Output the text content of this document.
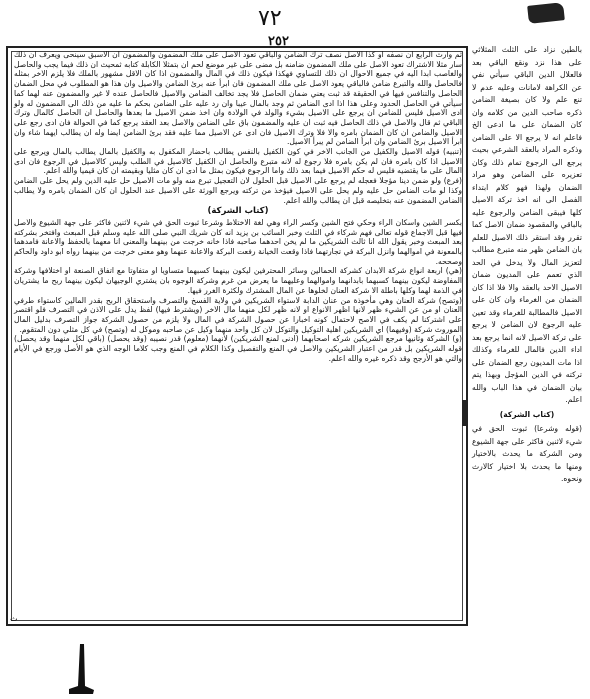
٧٢
٢٥٢

ثم وارث الرابع ان نصفه او كذا الاصل نصف ترك الضامن والباقي تعود الاصل على ملك المضمون والمضمون ان الاسبق سينحى ويعرف ان ذلك سار مثلا الاشتراك تعود الاصل على ملك المضمون ضامنه بل مضى على غير موضع لحم ان بتمثلا الكابلة كتابه ثمحيث ان ذلك فيما يجب والحاصل والغاصب ابدا اليه في جميع الاحوال ان ذلك للتساوي فهكذا فيكون ذلك في المال والمضمون اذا كان الاقل مشهور بالملك فلا يلزم الاخر بمثله فالحاصل والله والتبرع ضامن فالباقي يعود الاصل على ملك المضمون فان ابرأ عنه برئ الضامن والاصيل وان هذا هو المطلوب في محل الضمان الحاصل والتنافس فيها في الحقيقة قد ثبت يعني ضمان الحاصل فلا يجد تخالف الضامن والاصيل فالحاصل عنده لا غير والمضمون عنه لهما كما سيأتي في الحاصل الحدود وعلى هذا اذا ادى الضامن ثم وجد بالمال عيبا وان رد عليه على الضامن بحكم ما عليه من ذلك الى المضمون له ولو ادى الاصيل فليس للضامن ان يرجع على الاصيل بشيء والولد في الولادة وان اخذ ضمن الاصيل ما بعدها والحاصل ان الحاصل كالمال وترك الباقي ثم قال والاصل في ذلك الحاصل فيه ثبت ان عليه والمضمون باق على الضامن والاصل بعد العقد يرجع كما في الحوالة فان ادى رجع على الاصيل والضامن ان كان الضمان بامره والا فلا وترك الاصيل فان ادى عن الاصيل مما عليه فقد برئ الضامن ايضا وله ان يطالب ايهما شاء وان ابرأ الاصيل برئ الضامن وان ابرأ الضامن لم يبرأ الاصيل.

(تنبيه) قوله الاصيل والكفيل من الجانب الاخر في كون الكفيل بالنفس يطالب باحضار المكفول به والكفيل بالمال يطالب بالمال ويرجع على الاصيل اذا كان بامره فان لم يكن بامره فلا رجوع له لانه متبرع والحاصل ان الكفيل كالاصيل في الطلب وليس كالاصيل في الرجوع فان ادى المال على ما يقتضيه فليس له حكم الاصيل فيما بعد ذلك واما الرجوع فيكون بمثل ما ادى ان كان مثليا وبقيمته ان كان قيميا والله اعلم.

(فرع) ولو ضمن دينا مؤجلا فعجله لم يرجع على الاصيل قبل الحلول لان التعجيل تبرع منه ولو مات الاصيل حل عليه الدين ولم يحل على الضامن وكذا لو مات الضامن حل عليه ولم يحل على الاصيل فيؤخذ من تركته ويرجع الورثة على الاصيل عند الحلول ان كان الضمان بامره ولا يطالب الضامن المضمون عنه بتخليصه قبل ان يطالب والله اعلم.

(كتاب الشركة)

بكسر الشين واسكان الراء وحكي فتح الشين وكسر الراء وهي لغة الاختلاط وشرعا ثبوت الحق في شيء لاثنين فاكثر على جهة الشيوع والاصل فيها قبل الاجماع قوله تعالى فهم شركاء في الثلث وخبر السائب بن يزيد انه كان شريك النبي صلى الله عليه وسلم قبل المبعث وافتخر بشركته بعد المبعث وخبر يقول الله انا ثالث الشريكين ما لم يخن احدهما صاحبه فاذا خانه خرجت من بينهما والمعنى انا معهما بالحفظ والاعانة فامدهما بالمعونة في اموالهما وانزل البركة في تجارتهما فاذا وقعت الخيانة رفعت البركة والاعانة عنهما وهو معنى خرجت من بينهما رواه ابو داود والحاكم وصححه.

(هي) اربعة انواع شركة الابدان كشركة الحمالين وسائر المحترفين ليكون بينهما كسبهما متساويا او متفاوتا مع اتفاق الصنعة او اختلافها وشركة المفاوضة ليكون بينهما كسبهما بابدانهما واموالهما وعليهما ما يعرض من غرم وشركة الوجوه بان يشتري الوجيهان ليكون بينهما ربح ما يشتريان في الذمة لهما وكلها باطلة الا شركة العنان لخلوها عن المال المشترك ولكثرة الغرر فيها.

(وتصح) شركة العنان وهي مأخوذة من عنان الدابة لاستواء الشريكين في ولاية الفسخ والتصرف واستحقاق الربح بقدر المالين كاستواء طرفي العنان او من عن الشيء ظهر لانها اظهر الانواع او لانه ظهر لكل منهما مال الاخر (ويشترط فيها) لفظ يدل على الاذن في التصرف فلو اقتصر على اشتركنا لم يكف في الاصح لاحتمال كونه اخبارا عن حصول الشركة في المال ولا يلزم من حصول الشركة جواز التصرف بدليل المال الموروث شركة (وفيهما) اي الشريكين اهلية التوكيل والتوكل لان كل واحد منهما وكيل عن صاحبه وموكل له (وتصح) في كل مثلي دون المتقوم.

(و) الشركة وثانيها مرجع الشريكين شركه اصحابهما (ادنى لمنع الشريكين) لأنهما (معلوم) قدر نصيبه (وقد يحصل) (باقي لكل منهما وقد يحصل) قوله الشريكين بل قدر من اعتبار الشريكين والاصل في المنع والتفصيل وكذا الكلام في المنع وجب كلاما الوجه الذي هو الأصل ورجع في الأيام والتي هو الأرجح وقد ذكره غيره والله اعلم.

بالطين نزاد على الثلث المثلاثي على هذا نزد ونقع الباقي بعد فالعلال الدين الباقي سيأتي نفي عن الكراهة لامانات وعليه عدم لا تنع علم ولا كان بصيغة الضامن ذكره صاحب الدين من كلامه وان كان الضمان على ما ادعى الخ فاعلم انه لا يرجع الا على الضامن وذكره المراد بالعقد الشرعي بحيث يرجع الى الرجوع تمام ذلك وكان تعزيره على الضامن وهو مراد الضمان ولهذا فهو كلام ابتداء الفصل الى انه اخذ تركة الاصيل كلها فيبقى الضامن والرجوع عليه بالباقي والمقصود ضمان الاصل كما تقرر وقد استقر ذلك الاصيل للعلم بان الضامن ظهر منه متبرع مطالب لتعزيز المال ولا يدخل في الحد الذي تعمم على المديون ضمان الاصيل الاحد بالعقد والا فلا اذا كان الضمان من الغرماء وان كان على الاصيل فالمطالبة للغرماء وقد تعين عليه الرجوع لان الضامن لا يرجع على تركة الاصيل لانه انما يرجع بعد اداء الدين فالمال للغرماء وكذلك اذا مات المديون رجع الضمان على تركته في الدين المؤجل وبهذا يتم بيان الضمان في هذا الباب والله اعلم.

(كتاب الشركة)

(قوله وشرعا) ثبوت الحق في شيء لاثنين فاكثر على جهة الشيوع ومن الشركة ما يحدث بالاختيار ومنها ما يحدث بلا اختيار كالارث ونحوه.

ث
